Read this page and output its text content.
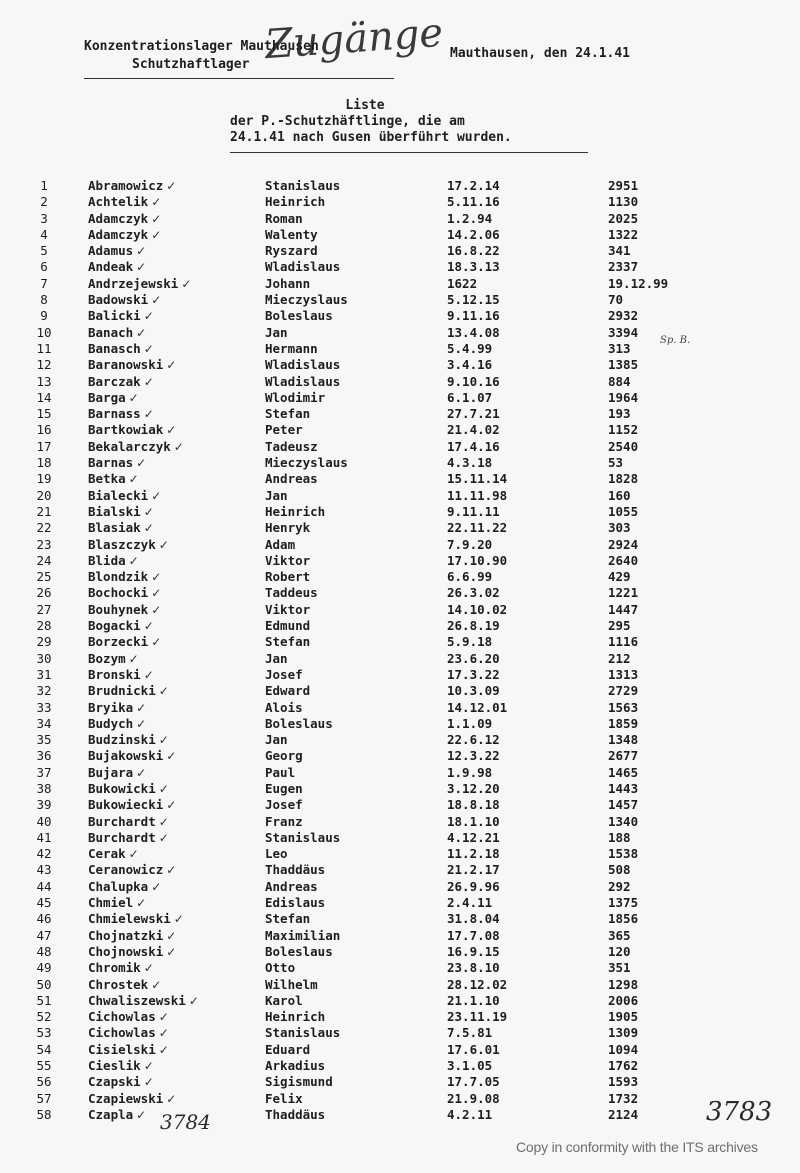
Zugänge
Konzentrationslager Mauthausen
Schutzhaftlager
Mauthausen, den 24.1.41
Liste
der P.-Schutzhäftlinge, die am
24.1.41 nach Gusen überführt wurden.
Sp. B.
1	Abramowicz ✓	Stanislaus	17.2.14	2951
2	Achtelik ✓	Heinrich	5.11.16	1130
3	Adamczyk ✓	Roman	1.2.94	2025
4	Adamczyk ✓	Walenty	14.2.06	1322
5	Adamus ✓	Ryszard	16.8.22	341
6	Andeak ✓	Wladislaus	18.3.13	2337
7	Andrzejewski ✓	Johann	1622	19.12.99
8	Badowski ✓	Mieczyslaus	5.12.15	70
9	Balicki ✓	Boleslaus	9.11.16	2932
10	Banach ✓	Jan	13.4.08	3394
11	Banasch ✓	Hermann	5.4.99	313
12	Baranowski ✓	Wladislaus	3.4.16	1385
13	Barczak ✓	Wladislaus	9.10.16	884
14	Barga ✓	Wlodimir	6.1.07	1964
15	Barnass ✓	Stefan	27.7.21	193
16	Bartkowiak ✓	Peter	21.4.02	1152
17	Bekalarczyk ✓	Tadeusz	17.4.16	2540
18	Barnas ✓	Mieczyslaus	4.3.18	53
19	Betka ✓	Andreas	15.11.14	1828
20	Bialecki ✓	Jan	11.11.98	160
21	Bialski ✓	Heinrich	9.11.11	1055
22	Blasiak ✓	Henryk	22.11.22	303
23	Blaszczyk ✓	Adam	7.9.20	2924
24	Blida ✓	Viktor	17.10.90	2640
25	Blondzik ✓	Robert	6.6.99	429
26	Bochocki ✓	Taddeus	26.3.02	1221
27	Bouhynek ✓	Viktor	14.10.02	1447
28	Bogacki ✓	Edmund	26.8.19	295
29	Borzecki ✓	Stefan	5.9.18	1116
30	Bozym ✓	Jan	23.6.20	212
31	Bronski ✓	Josef	17.3.22	1313
32	Brudnicki ✓	Edward	10.3.09	2729
33	Bryika ✓	Alois	14.12.01	1563
34	Budych ✓	Boleslaus	1.1.09	1859
35	Budzinski ✓	Jan	22.6.12	1348
36	Bujakowski ✓	Georg	12.3.22	2677
37	Bujara ✓	Paul	1.9.98	1465
38	Bukowicki ✓	Eugen	3.12.20	1443
39	Bukowiecki ✓	Josef	18.8.18	1457
40	Burchardt ✓	Franz	18.1.10	1340
41	Burchardt ✓	Stanislaus	4.12.21	188
42	Cerak ✓	Leo	11.2.18	1538
43	Ceranowicz ✓	Thaddäus	21.2.17	508
44	Chalupka ✓	Andreas	26.9.96	292
45	Chmiel ✓	Edislaus	2.4.11	1375
46	Chmielewski ✓	Stefan	31.8.04	1856
47	Chojnatzki ✓	Maximilian	17.7.08	365
48	Chojnowski ✓	Boleslaus	16.9.15	120
49	Chromik ✓	Otto	23.8.10	351
50	Chrostek ✓	Wilhelm	28.12.02	1298
51	Chwaliszewski ✓	Karol	21.1.10	2006
52	Cichowlas ✓	Heinrich	23.11.19	1905
53	Cichowlas ✓	Stanislaus	7.5.81	1309
54	Cisielski ✓	Eduard	17.6.01	1094
55	Cieslik ✓	Arkadius	3.1.05	1762
56	Czapski ✓	Sigismund	17.7.05	1593
57	Czapiewski ✓	Felix	21.9.08	1732
58	Czapla ✓	Thaddäus	4.2.11	2124
3784	3783
Copy in conformity with the ITS archives
